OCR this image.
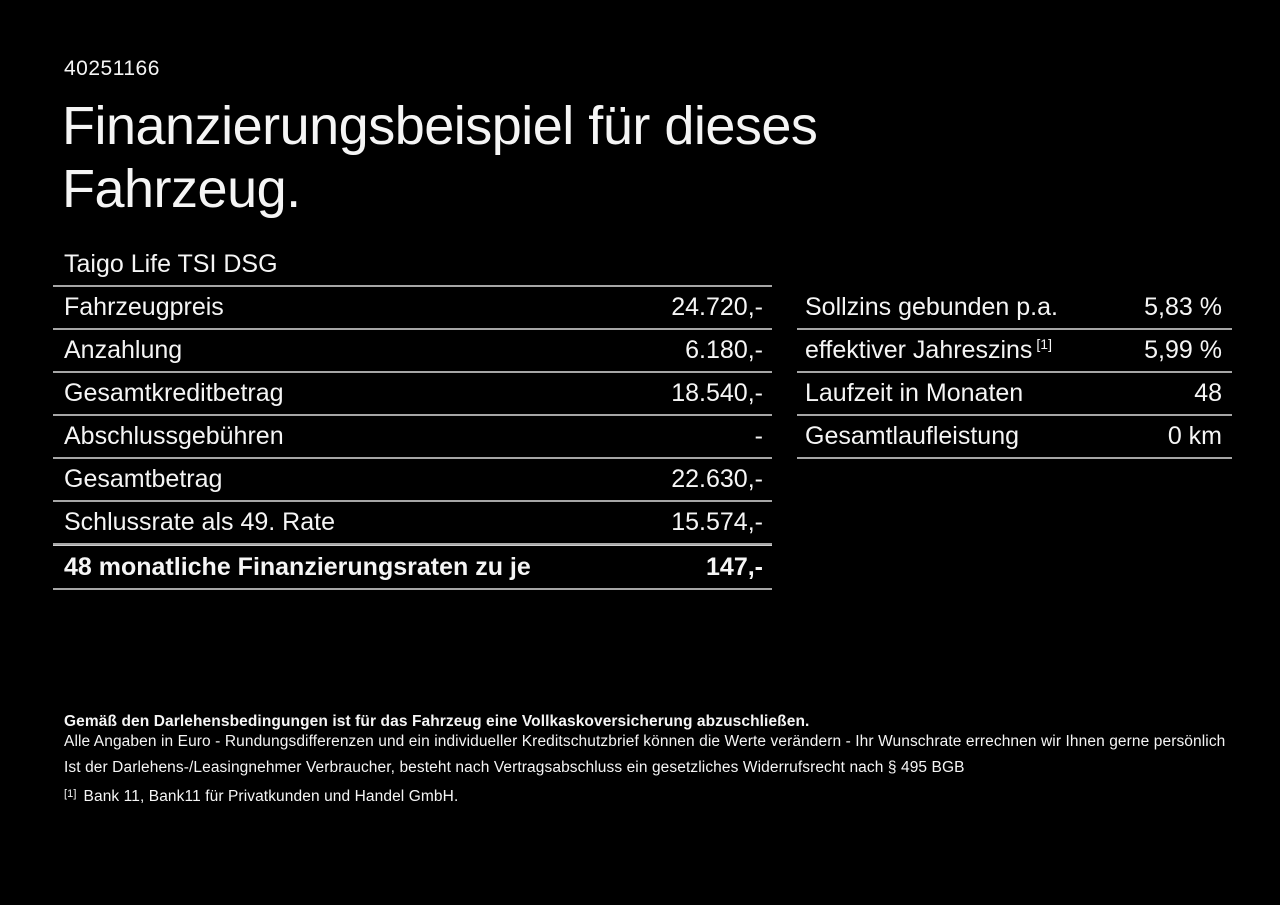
40251166
Finanzierungsbeispiel für dieses
Fahrzeug.
Taigo Life TSI DSG
Fahrzeugpreis	24.720,-
Anzahlung	6.180,-
Gesamtkreditbetrag	18.540,-
Abschlussgebühren	-
Gesamtbetrag	22.630,-
Schlussrate als 49. Rate	15.574,-
48 monatliche Finanzierungsraten zu je	147,-
Sollzins gebunden p.a.	5,83 %
effektiver Jahreszins [1]	5,99 %
Laufzeit in Monaten	48
Gesamtlaufleistung	0 km
Gemäß den Darlehensbedingungen ist für das Fahrzeug eine Vollkaskoversicherung abzuschließen.
Alle Angaben in Euro - Rundungsdifferenzen und ein individueller Kreditschutzbrief können die Werte verändern - Ihr Wunschrate errechnen wir Ihnen gerne persönlich
Ist der Darlehens-/Leasingnehmer Verbraucher, besteht nach Vertragsabschluss ein gesetzliches Widerrufsrecht nach § 495 BGB
[1] Bank 11, Bank11 für Privatkunden und Handel GmbH.
